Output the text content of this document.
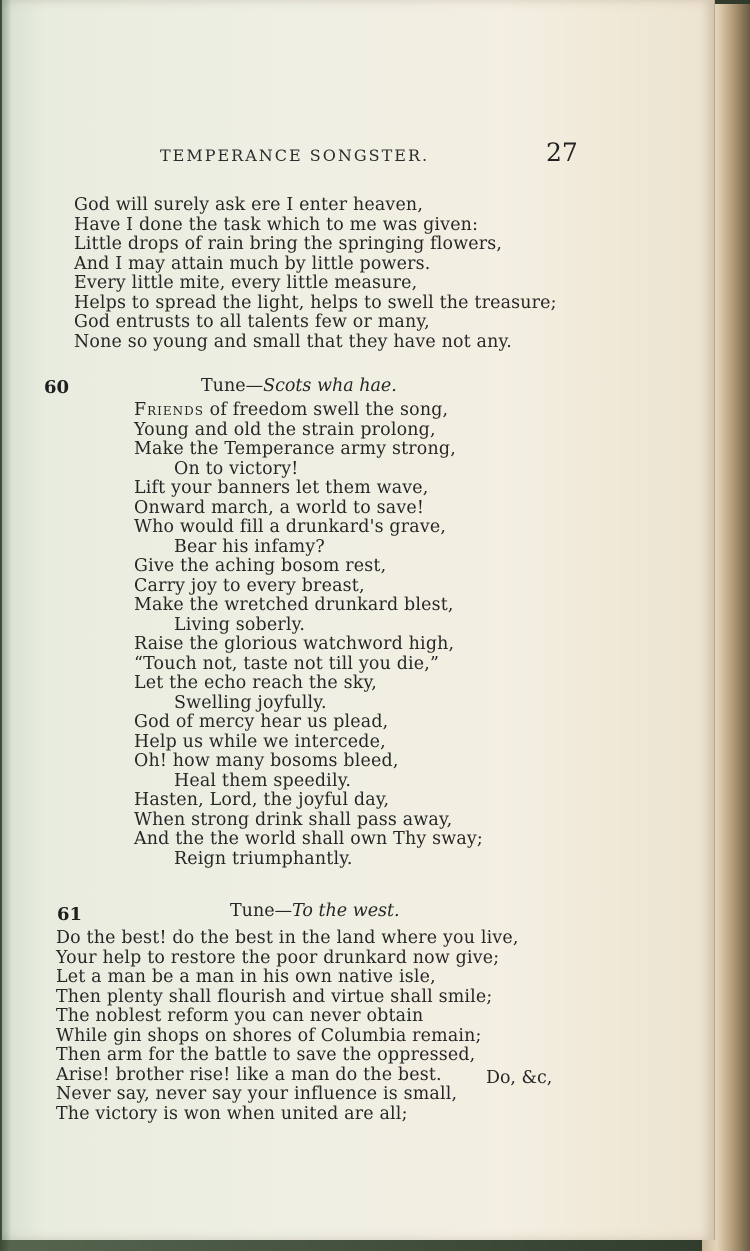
TEMPERANCE SONGSTER.	27
God will surely ask ere I enter heaven,
Have I done the task which to me was given:
Little drops of rain bring the springing flowers,
And I may attain much by little powers.
Every little mite, every little measure,
Helps to spread the light, helps to swell the treasure;
God entrusts to all talents few or many,
None so young and small that they have not any.
60	Tune—Scots wha hae.
Friends of freedom swell the song,
Young and old the strain prolong,
Make the Temperance army strong,
On to victory!
Lift your banners let them wave,
Onward march, a world to save!
Who would fill a drunkard's grave,
Bear his infamy?
Give the aching bosom rest,
Carry joy to every breast,
Make the wretched drunkard blest,
Living soberly.
Raise the glorious watchword high,
“Touch not, taste not till you die,”
Let the echo reach the sky,
Swelling joyfully.
God of mercy hear us plead,
Help us while we intercede,
Oh! how many bosoms bleed,
Heal them speedily.
Hasten, Lord, the joyful day,
When strong drink shall pass away,
And the the world shall own Thy sway;
Reign triumphantly.
61	Tune—To the west.
Do the best! do the best in the land where you live,
Your help to restore the poor drunkard now give;
Let a man be a man in his own native isle,
Then plenty shall flourish and virtue shall smile;
The noblest reform you can never obtain
While gin shops on shores of Columbia remain;
Then arm for the battle to save the oppressed,
Arise! brother rise! like a man do the best.
Never say, never say your influence is small,
The victory is won when united are all;
Do, &c,
